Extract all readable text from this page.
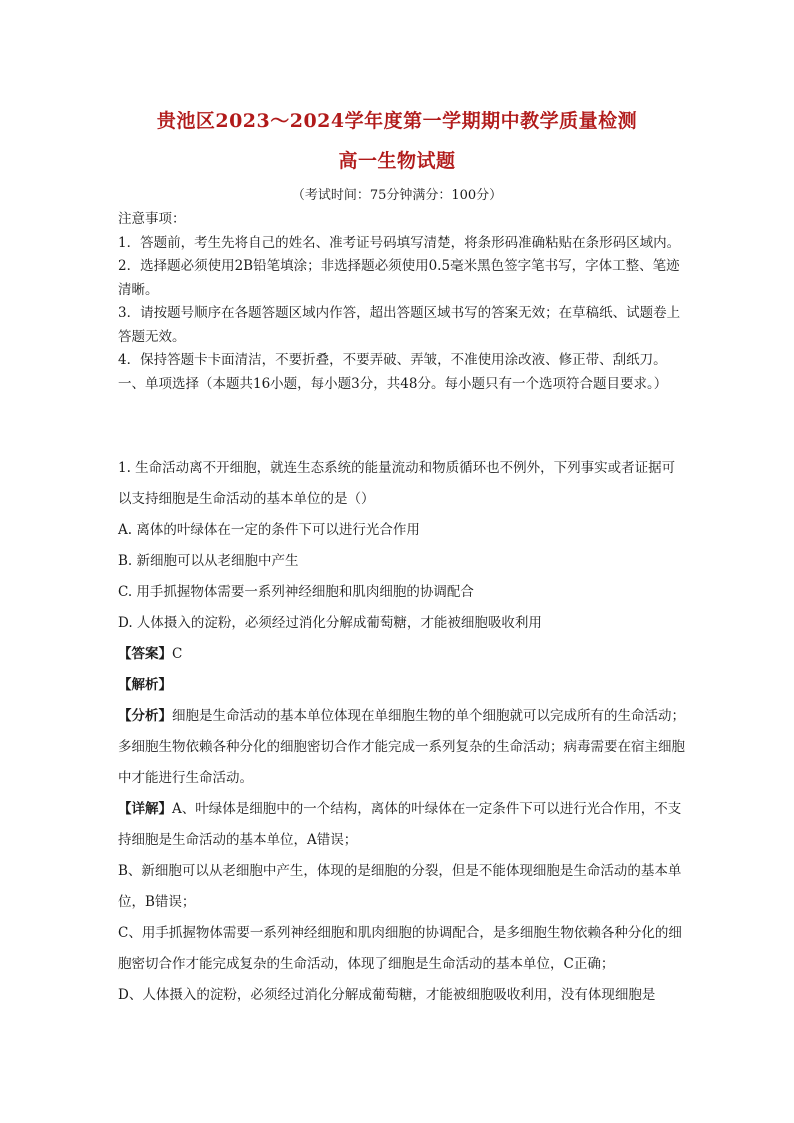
贵池区2023～2024学年度第一学期期中教学质量检测
高一生物试题
（考试时间：75分钟满分：100分）

注意事项：

1．答题前，考生先将自己的姓名、准考证号码填写清楚，将条形码准确粘贴在条形码区域内。

2．选择题必须使用2B铅笔填涂；非选择题必须使用0.5毫米黑色签字笔书写，字体工整、笔迹清晰。

3．请按题号顺序在各题答题区域内作答，超出答题区域书写的答案无效；在草稿纸、试题卷上答题无效。

4．保持答题卡卡面清洁，不要折叠，不要弄破、弄皱，不准使用涂改液、修正带、刮纸刀。

一、单项选择（本题共16小题，每小题3分，共48分。每小题只有一个选项符合题目要求。）

1. 生命活动离不开细胞，就连生态系统的能量流动和物质循环也不例外，下列事实或者证据可以支持细胞是生命活动的基本单位的是（）

A. 离体的叶绿体在一定的条件下可以进行光合作用

B. 新细胞可以从老细胞中产生

C. 用手抓握物体需要一系列神经细胞和肌肉细胞的协调配合

D. 人体摄入的淀粉，必须经过消化分解成葡萄糖，才能被细胞吸收利用

【答案】C

【解析】

【分析】细胞是生命活动的基本单位体现在单细胞生物的单个细胞就可以完成所有的生命活动；多细胞生物依赖各种分化的细胞密切合作才能完成一系列复杂的生命活动；病毒需要在宿主细胞中才能进行生命活动。

【详解】A、叶绿体是细胞中的一个结构，离体的叶绿体在一定条件下可以进行光合作用，不支持细胞是生命活动的基本单位，A错误；

B、新细胞可以从老细胞中产生，体现的是细胞的分裂，但是不能体现细胞是生命活动的基本单位，B错误；

C、用手抓握物体需要一系列神经细胞和肌肉细胞的协调配合，是多细胞生物依赖各种分化的细胞密切合作才能完成复杂的生命活动，体现了细胞是生命活动的基本单位，C正确；

D、人体摄入的淀粉，必须经过消化分解成葡萄糖，才能被细胞吸收利用，没有体现细胞是
